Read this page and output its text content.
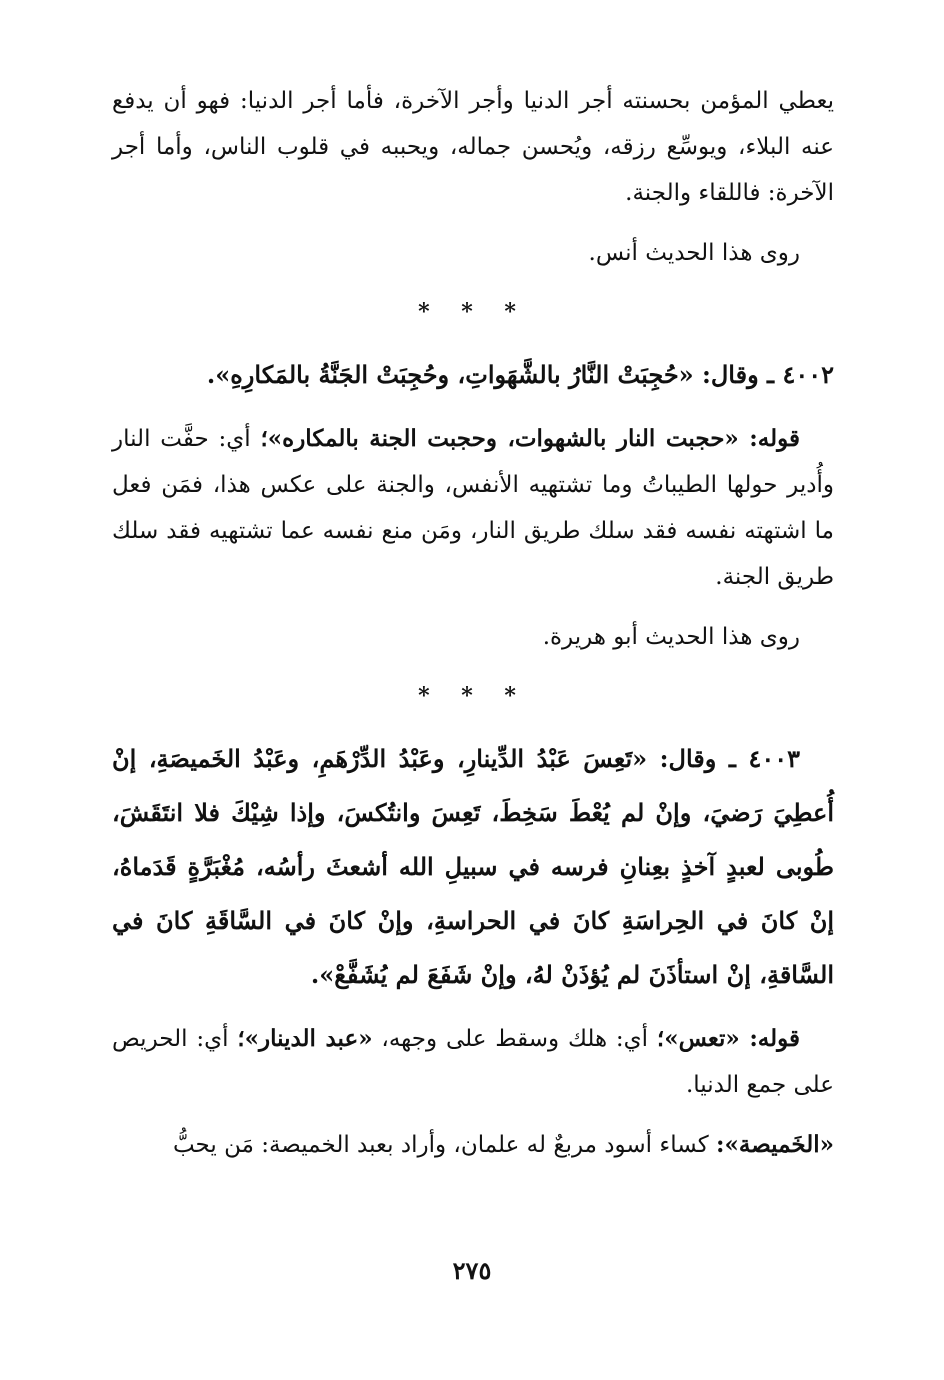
يعطي المؤمن بحسنته أجر الدنيا وأجر الآخرة، فأما أجر الدنيا: فهو أن يدفع عنه البلاء، ويوسِّع رزقه، ويُحسن جماله، ويحببه في قلوب الناس، وأما أجر الآخرة: فاللقاء والجنة.

روى هذا الحديث أنس.

* * *

٤٠٠٢ ـ وقال: «حُجِبَتْ النَّارُ بالشَّهَواتِ، وحُجِبَتْ الجَنَّةُ بالمَكارِهِ».

قوله: «حجبت النار بالشهوات، وحجبت الجنة بالمكاره»؛ أي: حفَّت النار وأُدير حولها الطيباتُ وما تشتهيه الأنفس، والجنة على عكس هذا، فمَن فعل ما اشتهته نفسه فقد سلك طريق النار، ومَن منع نفسه عما تشتهيه فقد سلك طريق الجنة.

روى هذا الحديث أبو هريرة.

* * *

٤٠٠٣ ـ وقال: «تَعِسَ عَبْدُ الدِّينارِ، وعَبْدُ الدِّرْهَمِ، وعَبْدُ الخَميصَةِ، إنْ أُعطِيَ رَضيَ، وإنْ لم يُعْطَ سَخِطَ، تَعِسَ وانتُكسَ، وإذا شِيْكَ فلا انتَقَشَ، طُوبى لعبدٍ آخذٍ بعِنانِ فرسه في سبيلِ الله أشعثَ رأسُه، مُغْبَرَّةٍ قَدَماهُ، إنْ كانَ في الحِراسَةِ كانَ في الحراسةِ، وإنْ كانَ في السَّاقَةِ كانَ في السَّاقةِ، إنْ استأذَنَ لم يُؤذَنْ لهُ، وإنْ شَفَعَ لم يُشَفَّعْ».

قوله: «تعس»؛ أي: هلك وسقط على وجهه، «عبد الدينار»؛ أي: الحريص على جمع الدنيا.

«الخَميصة»: كساء أسود مربعٌ له علمان، وأراد بعبد الخميصة: مَن يحبُّ

٢٧٥
